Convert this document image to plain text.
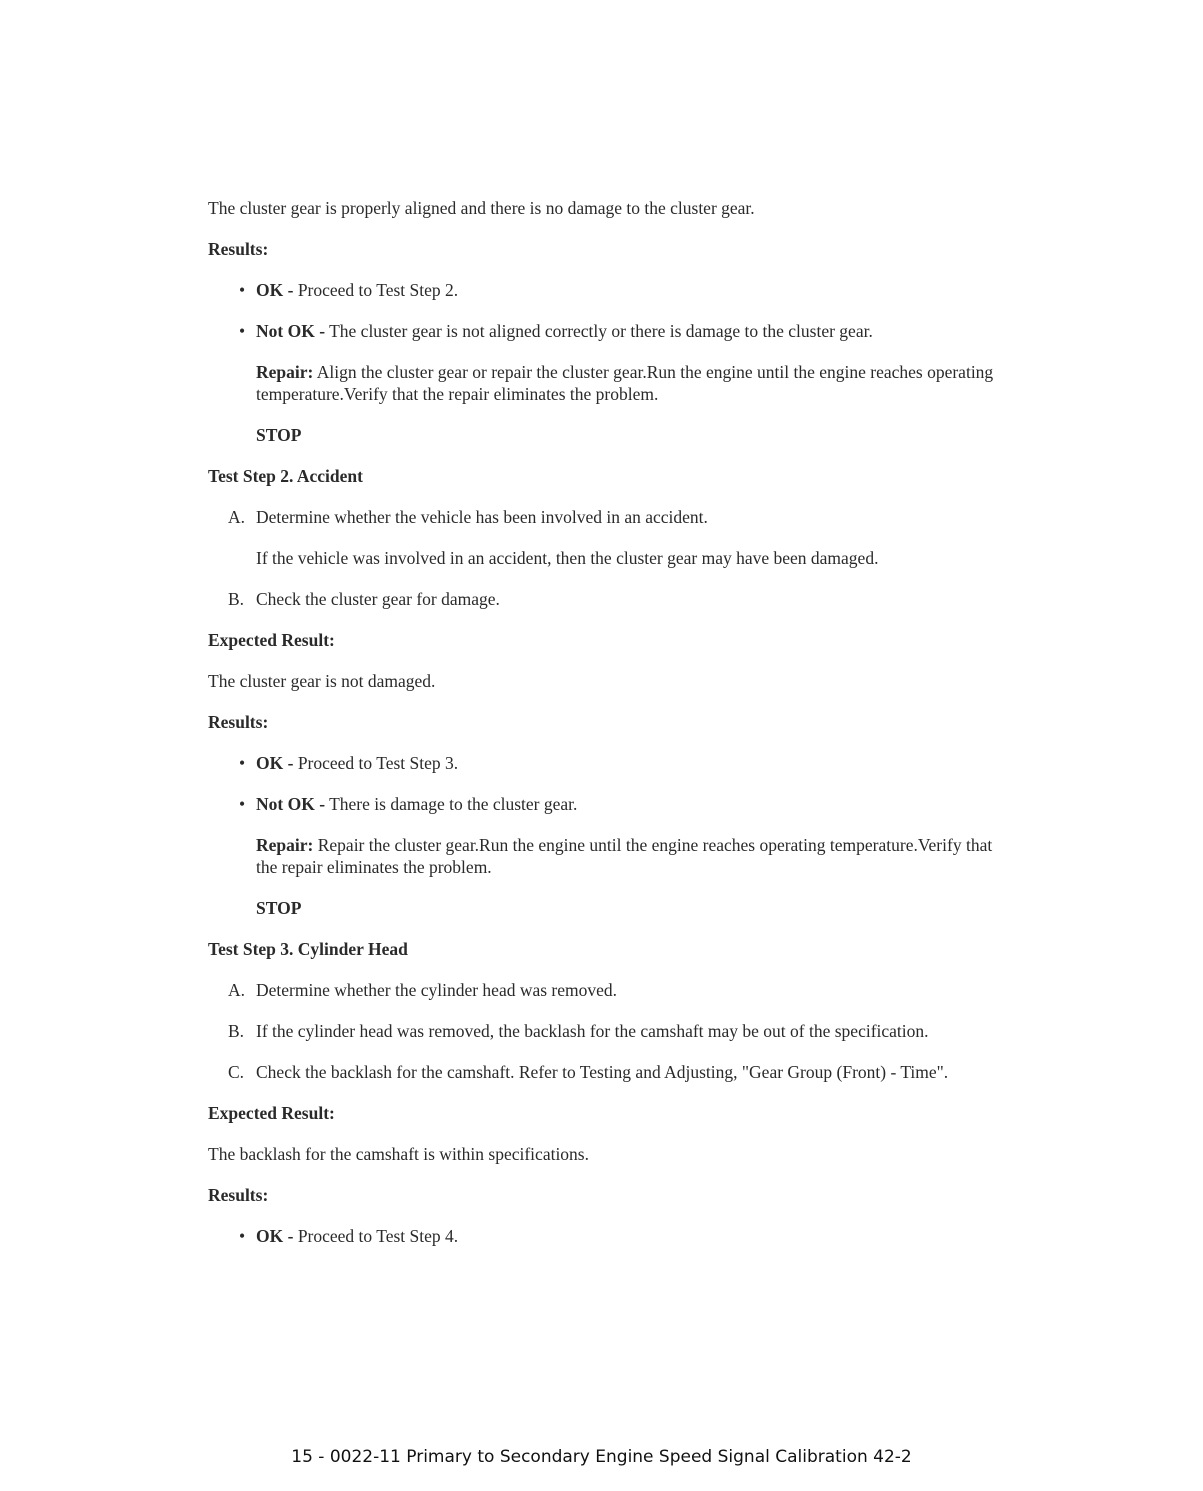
The cluster gear is properly aligned and there is no damage to the cluster gear.

Results:

• OK - Proceed to Test Step 2.
• Not OK - The cluster gear is not aligned correctly or there is damage to the cluster gear.
Repair: Align the cluster gear or repair the cluster gear.Run the engine until the engine reaches operating temperature.Verify that the repair eliminates the problem.
STOP

Test Step 2. Accident

A. Determine whether the vehicle has been involved in an accident.
If the vehicle was involved in an accident, then the cluster gear may have been damaged.
B. Check the cluster gear for damage.

Expected Result:

The cluster gear is not damaged.

Results:

• OK - Proceed to Test Step 3.
• Not OK - There is damage to the cluster gear.
Repair: Repair the cluster gear.Run the engine until the engine reaches operating temperature.Verify that the repair eliminates the problem.
STOP

Test Step 3. Cylinder Head

A. Determine whether the cylinder head was removed.
B. If the cylinder head was removed, the backlash for the camshaft may be out of the specification.
C. Check the backlash for the camshaft. Refer to Testing and Adjusting, "Gear Group (Front) - Time".

Expected Result:

The backlash for the camshaft is within specifications.

Results:

• OK - Proceed to Test Step 4.
15 - 0022-11 Primary to Secondary Engine Speed Signal Calibration 42-2
